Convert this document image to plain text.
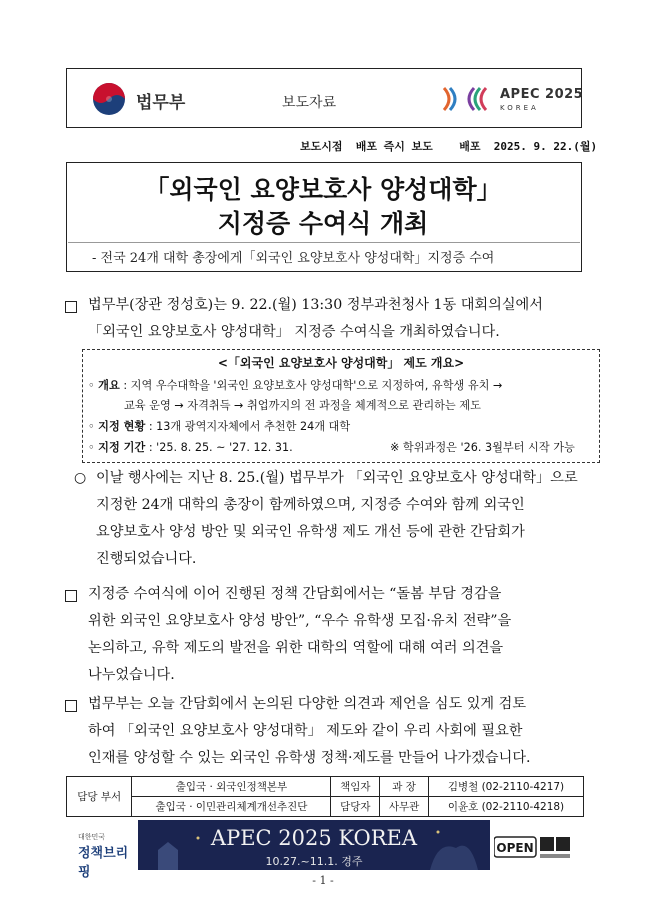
법무부	보도자료
APEC 2025
KOREA
보도시점  배포 즉시 보도    배포  2025. 9. 22.(월)
「외국인 요양보호사 양성대학」
지정증 수여식 개최
- 전국 24개 대학 총장에게「외국인 요양보호사 양성대학」지정증 수여
법무부(장관 정성호)는 9. 22.(월) 13:30 정부과천청사 1동 대회의실에서
「외국인 요양보호사 양성대학」 지정증 수여식을 개최하였습니다.
<「외국인 요양보호사 양성대학」 제도 개요>
◦ 개요 : 지역 우수대학을 '외국인 요양보호사 양성대학'으로 지정하여, 유학생 유치 →
교육 운영 → 자격취득 → 취업까지의 전 과정을 체계적으로 관리하는 제도
◦ 지정 현황 : 13개 광역지자체에서 추천한 24개 대학
◦ 지정 기간 : '25. 8. 25. ~ '27. 12. 31.	※ 학위과정은 '26. 3월부터 시작 가능
○ 이날 행사에는 지난 8. 25.(월) 법무부가 「외국인 요양보호사 양성대학」으로
지정한 24개 대학의 총장이 함께하였으며, 지정증 수여와 함께 외국인
요양보호사 양성 방안 및 외국인 유학생 제도 개선 등에 관한 간담회가
진행되었습니다.
지정증 수여식에 이어 진행된 정책 간담회에서는 “돌봄 부담 경감을
위한 외국인 요양보호사 양성 방안”, “우수 유학생 모집·유치 전략”을
논의하고, 유학 제도의 발전을 위한 대학의 역할에 대해 여러 의견을
나누었습니다.
법무부는 오늘 간담회에서 논의된 다양한 의견과 제언을 심도 있게 검토
하여 「외국인 요양보호사 양성대학」 제도와 같이 우리 사회에 필요한
인재를 양성할 수 있는 외국인 유학생 정책·제도를 만들어 나가겠습니다.
담당 부서	출입국 · 외국인정책본부	책임자	과 장	김병철 (02-2110-4217)
	출입국 · 이민관리체계개선추진단	담당자	사무관	이윤호 (02-2110-4218)
대한민국
정책브리핑
APEC 2025 KOREA
10.27.~11.1. 경주
OPEN
- 1 -
